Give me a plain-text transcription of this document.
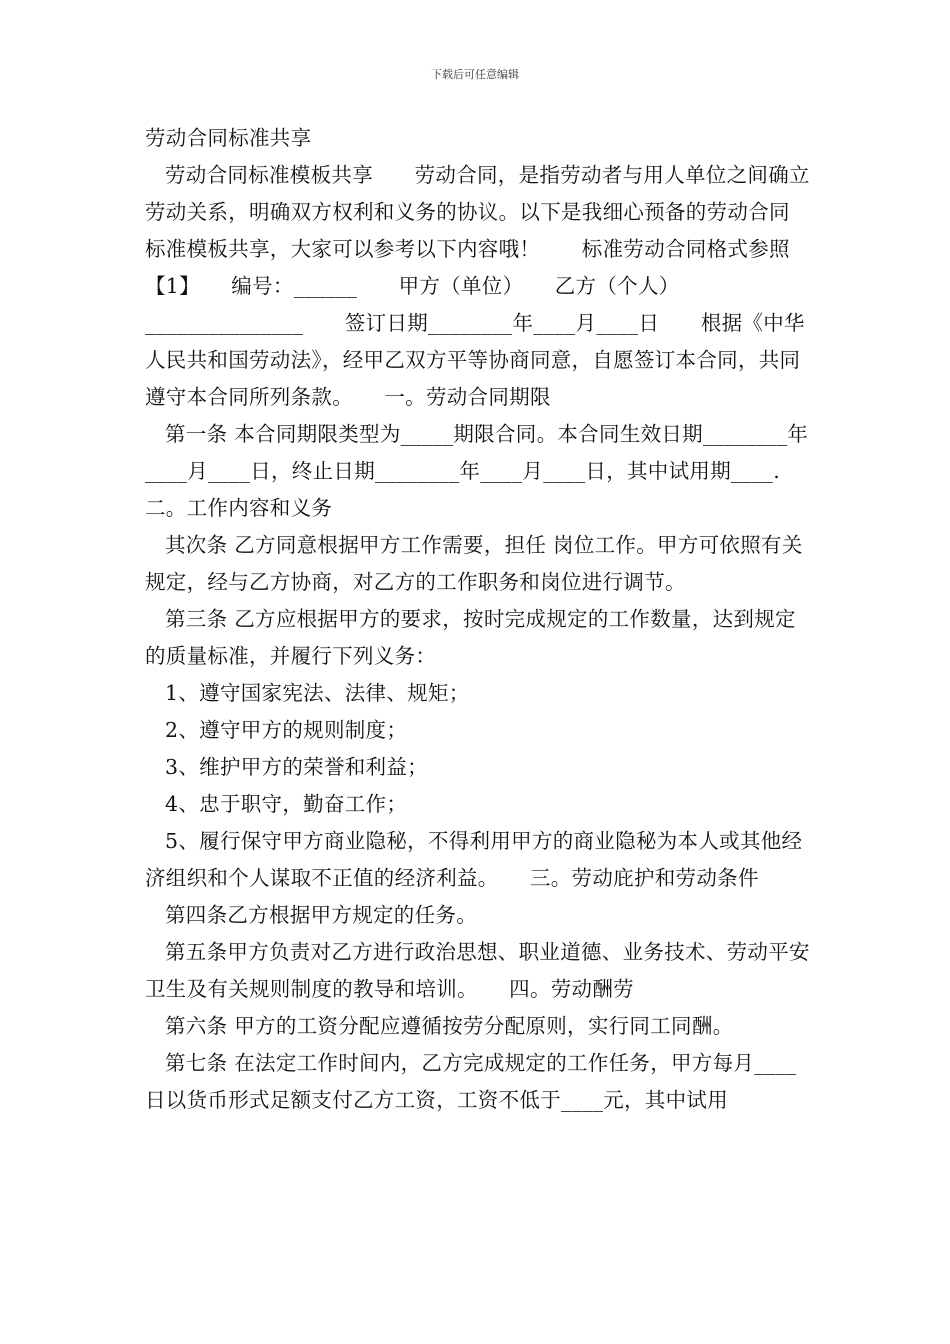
下载后可任意编辑

劳动合同标准共享

劳动合同标准模板共享　　劳动合同，是指劳动者与用人单位之间确立劳动关系，明确双方权利和义务的协议。以下是我细心预备的劳动合同标准模板共享，大家可以参考以下内容哦！　　标准劳动合同格式参照【1】　　编号：______　　甲方（单位）　　乙方（个人）_______________　　签订日期________年____月____日　　根据《中华人民共和国劳动法》，经甲乙双方平等协商同意，自愿签订本合同，共同遵守本合同所列条款。　　一。劳动合同期限

第一条 本合同期限类型为_____期限合同。本合同生效日期________年____月____日，终止日期________年____月____日，其中试用期____.　　二。工作内容和义务

其次条 乙方同意根据甲方工作需要，担任 岗位工作。甲方可依照有关规定，经与乙方协商，对乙方的工作职务和岗位进行调节。

第三条 乙方应根据甲方的要求，按时完成规定的工作数量，达到规定的质量标准，并履行下列义务：

1、遵守国家宪法、法律、规矩；

2、遵守甲方的规则制度；

3、维护甲方的荣誉和利益；

4、忠于职守，勤奋工作；

5、履行保守甲方商业隐秘，不得利用甲方的商业隐秘为本人或其他经济组织和个人谋取不正值的经济利益。　　三。劳动庇护和劳动条件

第四条乙方根据甲方规定的任务。

第五条甲方负责对乙方进行政治思想、职业道德、业务技术、劳动平安卫生及有关规则制度的教导和培训。　　四。劳动酬劳

第六条 甲方的工资分配应遵循按劳分配原则，实行同工同酬。

第七条 在法定工作时间内，乙方完成规定的工作任务，甲方每月____日以货币形式足额支付乙方工资，工资不低于____元，其中试用
